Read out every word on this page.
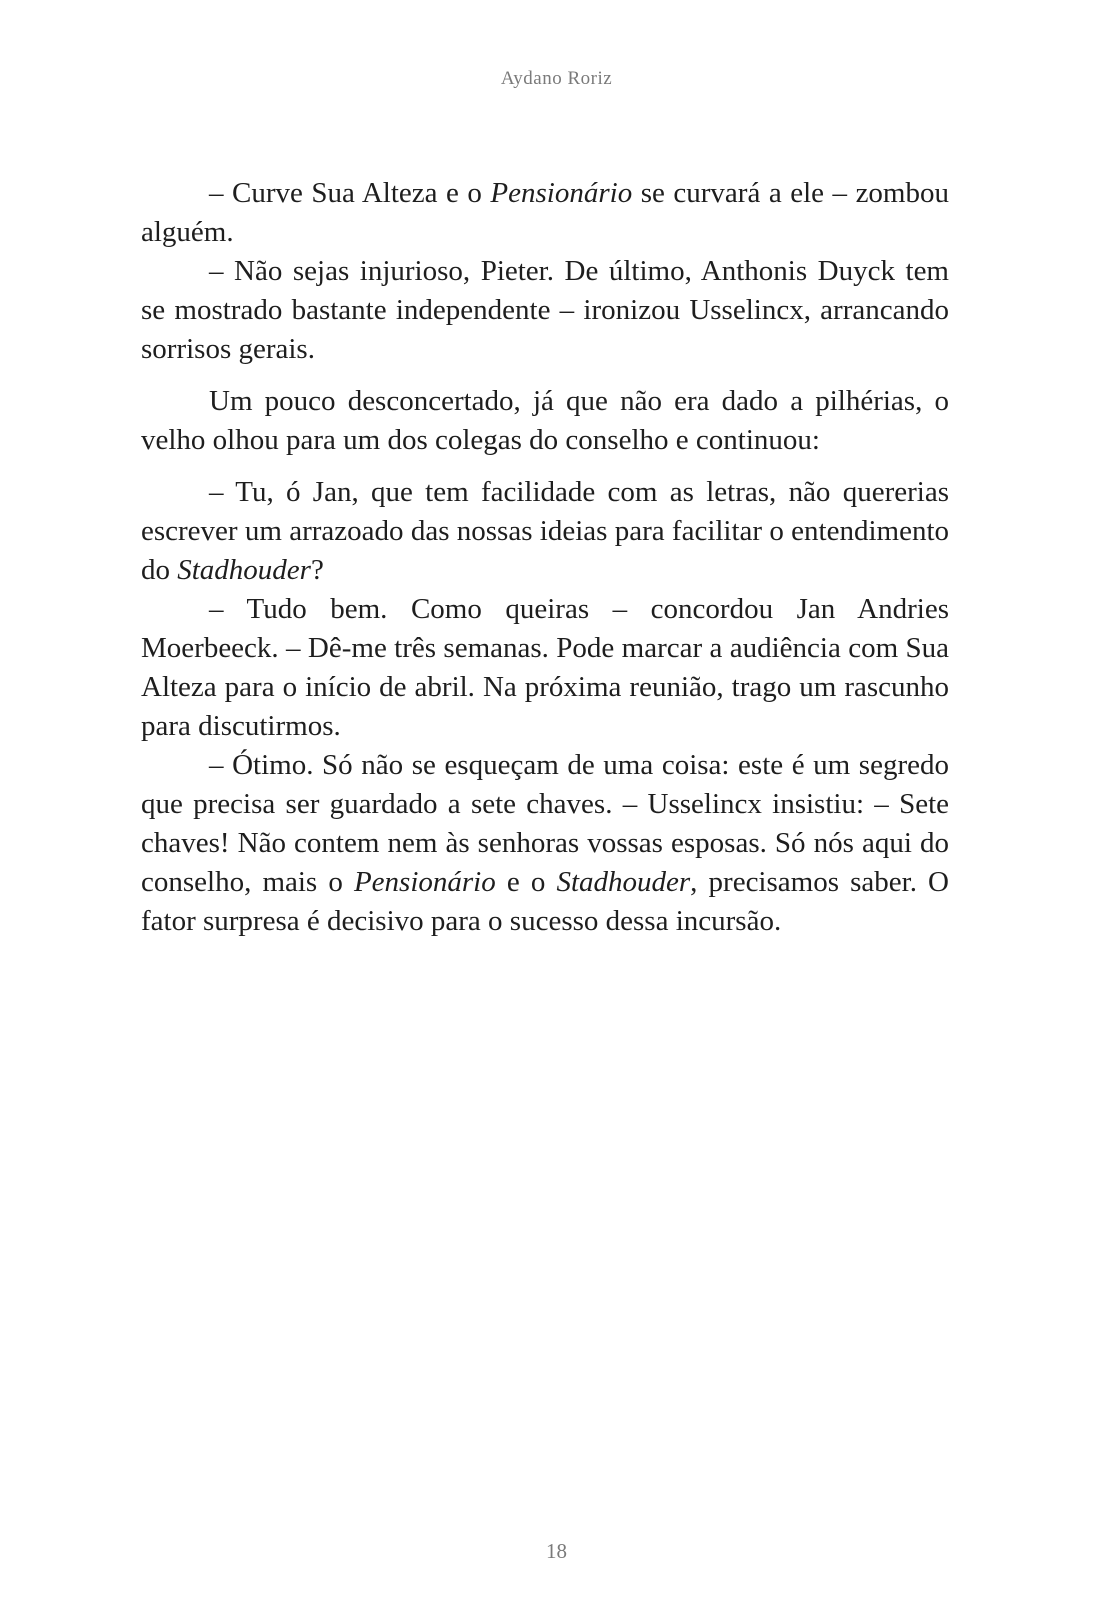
Aydano Roriz

– Curve Sua Alteza e o Pensionário se curvará a ele – zombou alguém.

– Não sejas injurioso, Pieter. De último, Anthonis Duyck tem se mostrado bastante independente – ironizou Usselincx, arrancando sorrisos gerais.

Um pouco desconcertado, já que não era dado a pilhérias, o velho olhou para um dos colegas do conselho e continuou:

– Tu, ó Jan, que tem facilidade com as letras, não quererias escrever um arrazoado das nossas ideias para facilitar o entendimento do Stadhouder?

– Tudo bem. Como queiras – concordou Jan Andries Moerbeeck. – Dê-me três semanas. Pode marcar a audiência com Sua Alteza para o início de abril. Na próxima reunião, trago um rascunho para discutirmos.

– Ótimo. Só não se esqueçam de uma coisa: este é um segredo que precisa ser guardado a sete chaves. – Usselincx insistiu: – Sete chaves! Não contem nem às senhoras vossas esposas. Só nós aqui do conselho, mais o Pensionário e o Stadhouder, precisamos saber. O fator surpresa é decisivo para o sucesso dessa incursão.

18
